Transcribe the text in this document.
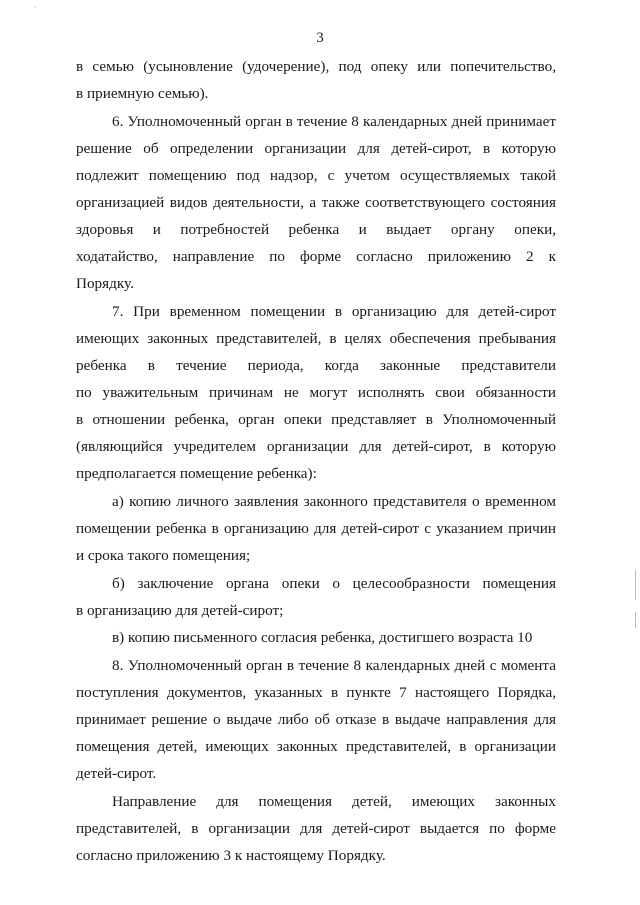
·
3
в семью (усыновление (удочерение), под опеку или попечительство,
в приемную семью).
6. Уполномоченный орган в течение 8 календарных дней принимает
решение об определении организации для детей-сирот, в которую
подлежит помещению под надзор, с учетом осуществляемых такой
организацией видов деятельности, а также соответствующего состояния
здоровья и потребностей ребенка и выдает органу опеки,
ходатайство, направление по форме согласно приложению 2 к
Порядку.
7. При временном помещении в организацию для детей-сирот
имеющих законных представителей, в целях обеспечения пребывания
ребенка в течение периода, когда законные представители
по уважительным причинам не могут исполнять свои обязанности
в отношении ребенка, орган опеки представляет в Уполномоченный
(являющийся учредителем организации для детей-сирот, в которую
предполагается помещение ребенка):
а) копию личного заявления законного представителя о временном
помещении ребенка в организацию для детей-сирот с указанием причин
и срока такого помещения;
б) заключение органа опеки о целесообразности помещения
в организацию для детей-сирот;
в) копию письменного согласия ребенка, достигшего возраста 10
8. Уполномоченный орган в течение 8 календарных дней с момента
поступления документов, указанных в пункте 7 настоящего Порядка,
принимает решение о выдаче либо об отказе в выдаче направления для
помещения детей, имеющих законных представителей, в организации
детей-сирот.
Направление для помещения детей, имеющих законных
представителей, в организации для детей-сирот выдается по форме
согласно приложению 3 к настоящему Порядку.
